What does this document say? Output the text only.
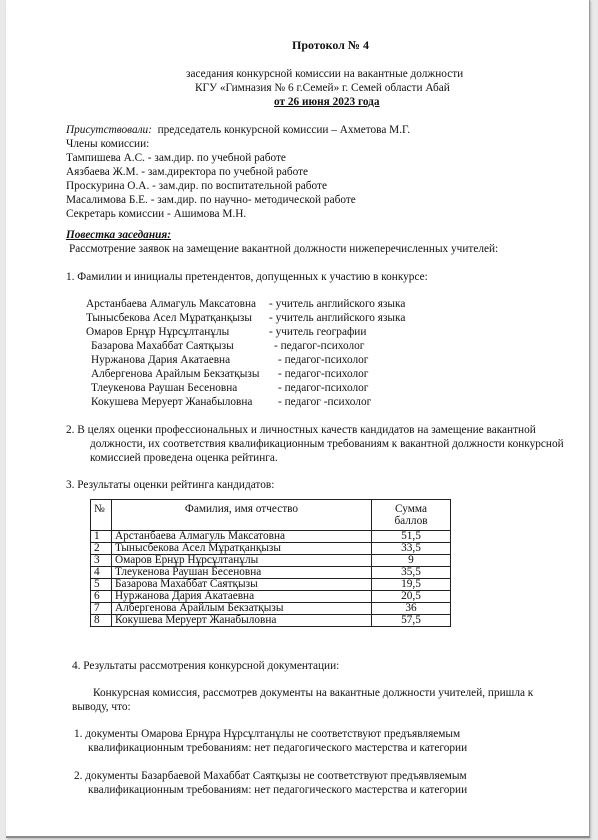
Протокол № 4
заседания конкурсной комиссии на вакантные должности
КГУ «Гимназия № 6 г.Семей» г. Семей области Абай
от 26 июня 2023 года
Присутствовали: председатель конкурсной комиссии – Ахметова М.Г.
Члены комиссии:
Тампишева А.С. - зам.дир. по учебной работе
Аязбаева Ж.М. - зам.директора по учебной работе
Проскурина О.А. - зам.дир. по воспитательной работе
Масалимова Б.Е. - зам.дир. по научно- методической работе
Секретарь комиссии - Ашимова М.Н.
Повестка заседания:
Рассмотрение заявок на замещение вакантной должности нижеперечисленных учителей:
1. Фамилии и инициалы претендентов, допущенных к участию в конкурсе:
Арстанбаева Алмагуль Максатовна - учитель английского языка
Тыныcбекова Асел Мұратқанқызы - учитель английского языка
Омаров Ернұр Нұрсұлтанұлы	- учитель географии
Базарова Махаббат Саятқызы	- педагог-психолог
Нуржанова Дария Акатаевна	- педагог-психолог
Албергенова Арайлым Бекзатқызы - педагог-психолог
Тлеукенова Раушан Бесеновна	- педагог-психолог
Кокушева Меруерт Жанабыловна - педагог -психолог
2. В целях оценки профессиональных и личностных качеств кандидатов на замещение вакантной
должности, их соответствия квалификационным требованиям к вакантной должности конкурсной
комиссией проведена оценка рейтинга.
3. Результаты оценки рейтинга кандидатов:
№	Фамилия, имя отчество	Сумма баллов

1	Арстанбаева Алмагуль Максатовна	51,5
2	Тыныcбекова Асел Мұратқанқызы	33,5
3	Омаров Ернұр Нұрсұлтанұлы	9
4	Тлеукенова Раушан Бесеновна	35,5
5	Базарова Махаббат Саятқызы	19,5
6	Нуржанова Дария Акатаевна	20,5
7	Албергенова Арайлым Бекзатқызы	36
8	Кокушева Меруерт Жанабыловна	57,5
4. Результаты рассмотрения конкурсной документации:
Конкурсная комиссия, рассмотрев документы на вакантные должности учителей, пришла к
выводу, что:
1. документы Омарова Ернұра Нұрсұлтанұлы не соответствуют предъявляемым
квалификационным требованиям: нет педагогического мастерства и категории
2. документы Базарбаевой Махаббат Саятқызы не соответствуют предъявляемым
квалификационным требованиям: нет педагогического мастерства и категории
